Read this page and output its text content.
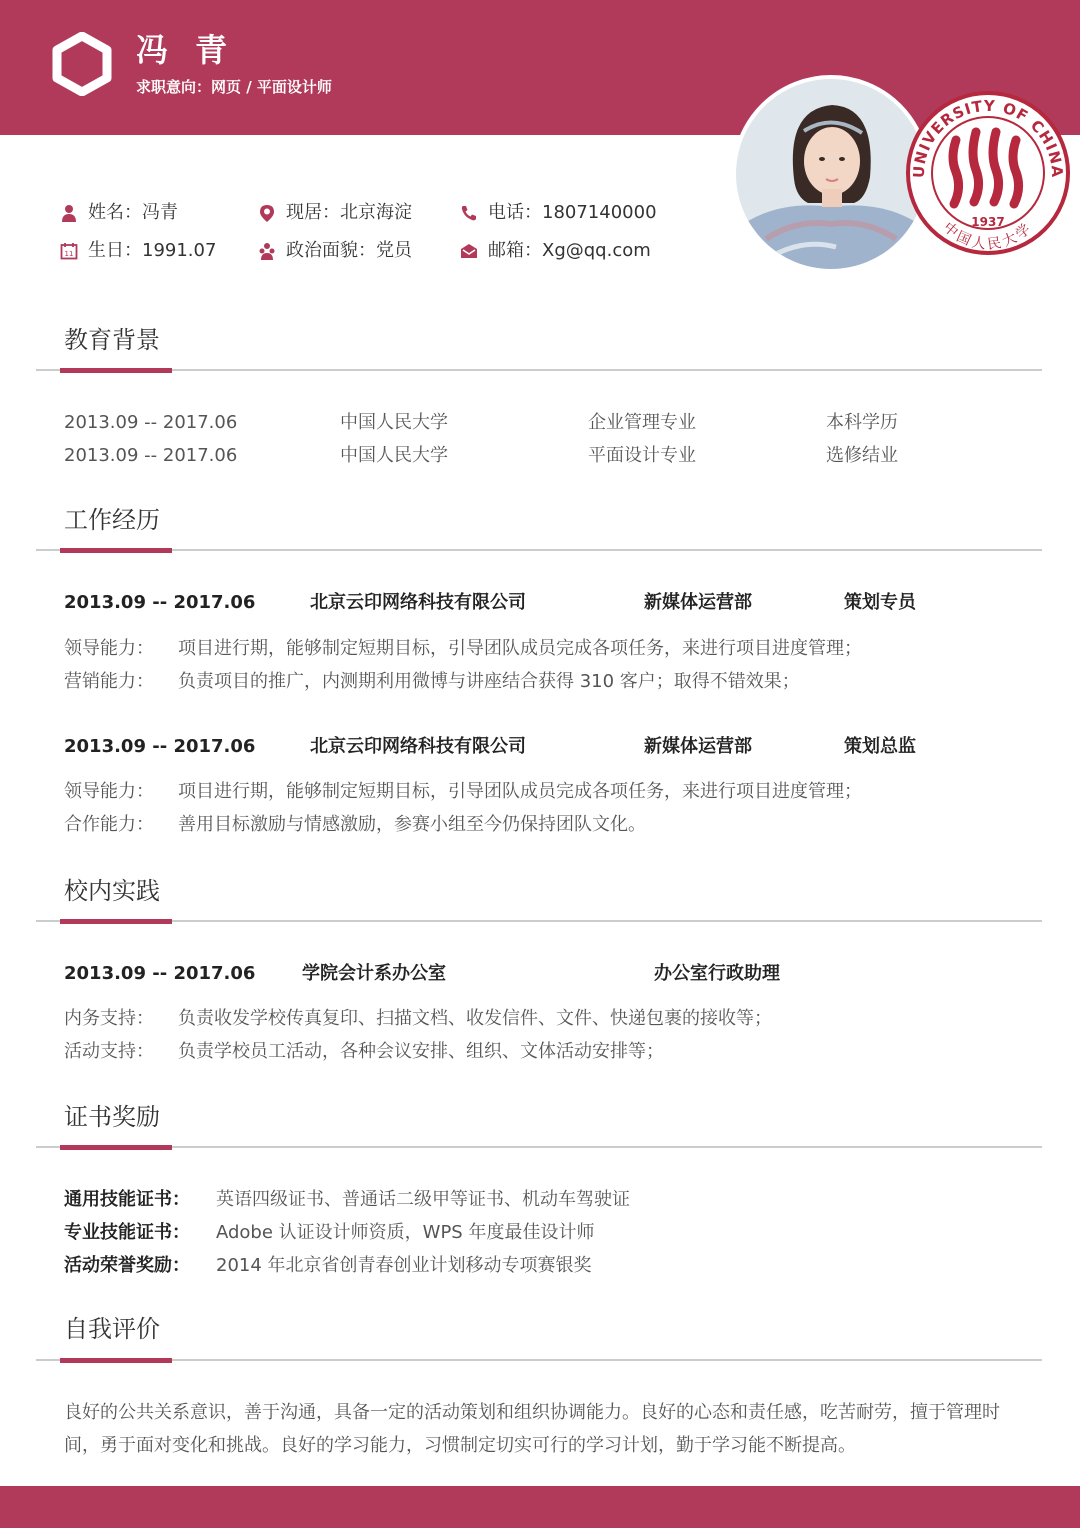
冯 青
求职意向：网页 / 平面设计师
UNIVERSITY OF CHINA
中国人民大学
1937
姓名： 冯青	现居： 北京海淀	电话： 1807140000
11 生日： 1991.07	政治面貌： 党员	邮箱： Xg@qq.com
教育背景
2013.09 -- 2017.06	中国人民大学	企业管理专业	本科学历
2013.09 -- 2017.06	中国人民大学	平面设计专业	选修结业
工作经历
2013.09 -- 2017.06	北京云印网络科技有限公司	新媒体运营部	策划专员
领导能力： 项目进行期，能够制定短期目标，引导团队成员完成各项任务，来进行项目进度管理；
营销能力： 负责项目的推广，内测期利用微博与讲座结合获得 310 客户；取得不错效果；
2013.09 -- 2017.06	北京云印网络科技有限公司	新媒体运营部	策划总监
领导能力： 项目进行期，能够制定短期目标，引导团队成员完成各项任务，来进行项目进度管理；
合作能力： 善用目标激励与情感激励，参赛小组至今仍保持团队文化。
校内实践
2013.09 -- 2017.06	学院会计系办公室	办公室行政助理
内务支持： 负责收发学校传真复印、扫描文档、收发信件、文件、快递包裹的接收等；
活动支持： 负责学校员工活动，各种会议安排、组织、文体活动安排等；
证书奖励
通用技能证书： 英语四级证书、普通话二级甲等证书、机动车驾驶证
专业技能证书： Adobe 认证设计师资质，WPS 年度最佳设计师
活动荣誉奖励： 2014 年北京省创青春创业计划移动专项赛银奖
自我评价
良好的公共关系意识，善于沟通，具备一定的活动策划和组织协调能力。良好的心态和责任感，吃苦耐劳，擅于管理时间，勇于面对变化和挑战。良好的学习能力，习惯制定切实可行的学习计划，勤于学习能不断提高。
